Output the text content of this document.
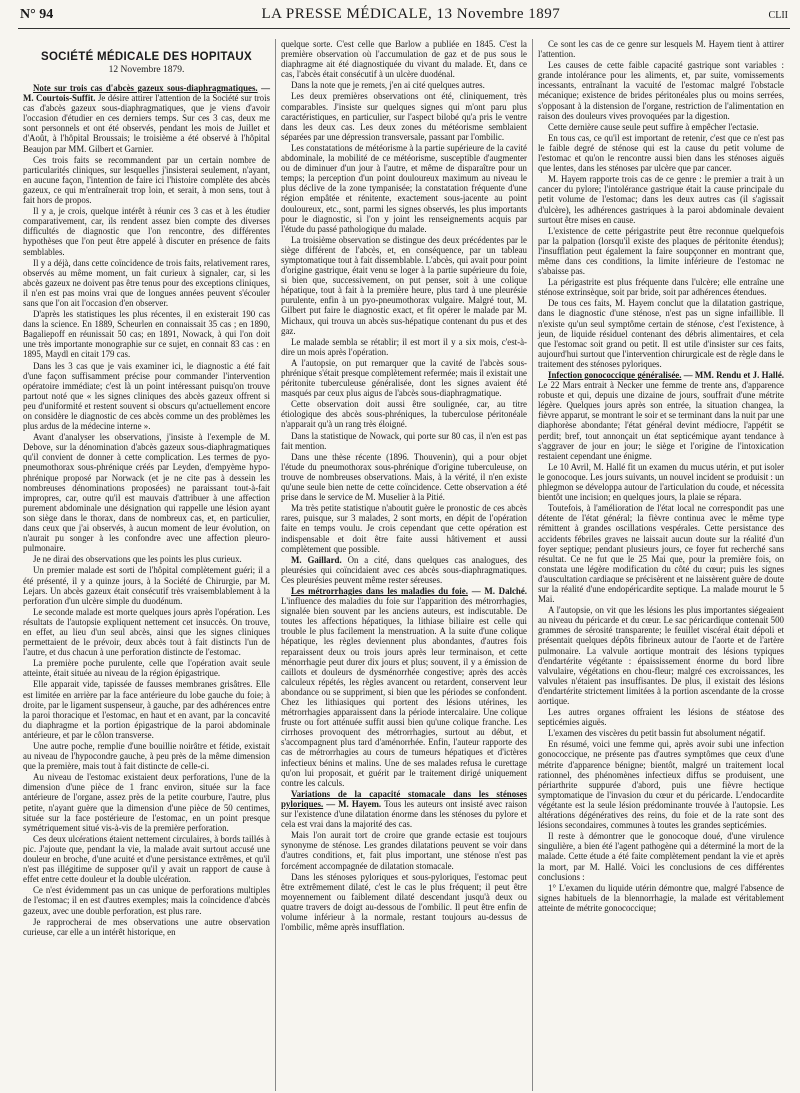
N° 94	LA PRESSE MÉDICALE, 13 Novembre 1897	CLII
SOCIÉTÉ MÉDICALE DES HOPITAUX
12 Novembre 1879.

Note sur trois cas d'abcès gazeux sous-diaphragmatiques. — M. Courtois-Suffit. Je désire attirer l'attention de la Société sur trois cas d'abcès gazeux sous-diaphragmatiques, que je viens d'avoir l'occasion d'étudier en ces derniers temps. Sur ces 3 cas, deux me sont personnels et ont été observés, pendant les mois de Juillet et d'Août, à l'hôpital Broussais; le troisième a été observé à l'hôpital Beaujon par MM. Gilbert et Garnier.

Ces trois faits se recommandent par un certain nombre de particularités cliniques, sur lesquelles j'insisterai seulement, n'ayant, en aucune façon, l'intention de faire ici l'histoire complète des abcès gazeux, ce qui m'entraînerait trop loin, et serait, à mon sens, tout à fait hors de propos.

Il y a, je crois, quelque intérêt à réunir ces 3 cas et à les étudier comparativement, car, ils rendent assez bien compte des diverses difficultés de diagnostic que l'on rencontre, des différentes hypothèses que l'on peut être appelé à discuter en présence de faits semblables.

Il y a déjà, dans cette coïncidence de trois faits, relativement rares, observés au même moment, un fait curieux à signaler, car, si les abcès gazeux ne doivent pas être tenus pour des exceptions cliniques, il n'en est pas moins vrai que de longues années peuvent s'écouler sans que l'on ait l'occasion d'en observer.

D'après les statistiques les plus récentes, il en existerait 190 cas dans la science. En 1889, Scheurlen en connaissait 35 cas ; en 1890, Bagaliepoff en réunissait 50 cas; en 1891, Nowack, à qui l'on doit une très importante monographie sur ce sujet, en connait 83 cas : en 1895, Maydl en citait 179 cas.

Dans les 3 cas que je vais examiner ici, le diagnostic a été fait d'une façon suffisamment précise pour commander l'intervention opératoire immédiate; c'est là un point intéressant puisqu'on trouve partout noté que « les signes cliniques des abcès gazeux offrent si peu d'uniformité et restent souvent si obscurs qu'actuellement encore on considère le diagnostic de ces abcès comme un des problèmes les plus ardus de la médecine interne ».

Avant d'analyser les observations, j'insiste à l'exemple de M. Debove, sur la dénomination d'abcès gazeux sous-diaphragmatiques qu'il convient de donner à cette complication. Les termes de pyo-pneumothorax sous-phrénique créés par Leyden, d'empyème hypo-phrénique proposé par Norwack (et je ne cite pas à dessein les nombreuses dénominations proposées) ne paraissant tout-à-fait impropres, car, outre qu'il est mauvais d'attribuer à une affection purement abdominale une désignation qui rappelle une lésion ayant son siège dans le thorax, dans de nombreux cas, et, en particulier, dans ceux que j'ai observés, à aucun moment de leur évolution, on n'aurait pu songer à les confondre avec une affection pleuro-pulmonaire.

Je ne dirai des observations que les points les plus curieux.

Un premier malade est sorti de l'hôpital complètement guéri; il a été présenté, il y a quinze jours, à la Société de Chirurgie, par M. Lejars. Un abcès gazeux était consécutif très vraisemblablement à la perforation d'un ulcère simple du duodénum.

Le seconde malade est morte quelques jours après l'opération. Les résultats de l'autopsie expliquent nettement cet insuccès. On trouve, en effet, au lieu d'un seul abcès, ainsi que les signes cliniques permettaient de le prévoir, deux abcès tout à fait distincts l'un de l'autre, et dus chacun à une perforation distincte de l'estomac.

La première poche purulente, celle que l'opération avait seule atteinte, était située au niveau de la région épigastrique.

Elle apparait vide, tapissée de fausses membranes grisâtres. Elle est limitée en arrière par la face antérieure du lobe gauche du foie; à droite, par le ligament suspenseur, à gauche, par des adhérences entre la paroi thoracique et l'estomac, en haut et en avant, par la concavité du diaphragme et la portion épigastrique de la paroi abdominale antérieure, et par le côlon transverse.

Une autre poche, remplie d'une bouillie noirâtre et fétide, existait au niveau de l'hypocondre gauche, à peu près de la même dimension que la première, mais tout à fait distincte de celle-ci.

Au niveau de l'estomac existaient deux perforations, l'une de la dimension d'une pièce de 1 franc environ, située sur la face antérieure de l'organe, assez près de la petite courbure, l'autre, plus petite, n'ayant guère que la dimension d'une pièce de 50 centimes, située sur la face postérieure de l'estomac, en un point presque symétriquement situé vis-à-vis de la première perforation.

Ces deux ulcérations étaient nettement circulaires, à bords taillés à pic. J'ajoute que, pendant la vie, la malade avait surtout accusé une douleur en broche, d'une acuité et d'une persistance extrêmes, et qu'il n'est pas illégitime de supposer qu'il y avait un rapport de cause à effet entre cette douleur et la double ulcération.

Ce n'est évidemment pas un cas unique de perforations multiples de l'estomac; il en est d'autres exemples; mais la coïncidence d'abcès gazeux, avec une double perforation, est plus rare.

Je rapprocherai de mes observations une autre observation curieuse, car elle a un intérêt historique, en

quelque sorte. C'est celle que Barlow a publiée en 1845. C'est la première observation où l'accumulation de gaz et de pus sous le diaphragme ait été diagnostiquée du vivant du malade. Et, dans ce cas, l'abcès était consécutif à un ulcère duodénal.

Dans la note que je remets, j'en ai cité quelques autres.

Les deux premières observations ont été, cliniquement, très comparables. J'insiste sur quelques signes qui m'ont paru plus caractéristiques, en particulier, sur l'aspect bilobé qu'a pris le ventre dans les deux cas. Les deux zones du météorisme semblaient séparées par une dépression transversale, passant par l'ombilic.

Les constatations de météorisme à la partie supérieure de la cavité abdominale, la mobilité de ce météorisme, susceptible d'augmenter ou de diminuer d'un jour à l'autre, et même de disparaître pour un temps; la perception d'un point douloureux maximum au niveau le plus déclive de la zone tympanisée; la constatation fréquente d'une région empâtée et rénitente, exactement sous-jacente au point douloureux, etc., sont, parmi les signes observés, les plus importants pour le diagnostic, si l'on y joint les renseignements acquis par l'étude du passé pathologique du malade.

La troisième observation se distingue des deux précédentes par le siège différent de l'abcès, et, en conséquence, par un tableau symptomatique tout à fait dissemblable. L'abcès, qui avait pour point d'origine gastrique, était venu se loger à la partie supérieure du foie, si bien que, successivement, on put penser, soit à une colique hépatique, tout à fait à la première heure, plus tard à une pleurésie purulente, enfin à un pyo-pneumothorax vulgaire. Malgré tout, M. Gilbert put faire le diagnostic exact, et fit opérer le malade par M. Michaux, qui trouva un abcès sus-hépatique contenant du pus et des gaz.

Le malade sembla se rétablir; il est mort il y a six mois, c'est-à-dire un mois après l'opération.

A l'autopsie, on put remarquer que la cavité de l'abcès sous-phrénique s'était presque complètement refermée; mais il existait une péritonite tuberculeuse généralisée, dont les signes avaient été masqués par ceux plus aigus de l'abcès sous-diaphragmatique.

Cette observation doit aussi être soulignée, car, au titre étiologique des abcès sous-phréniques, la tuberculose péritonéale n'apparait qu'à un rang très éloigné.

Dans la statistique de Nowack, qui porte sur 80 cas, il n'en est pas fait mention.

Dans une thèse récente (1896. Thouvenin), qui a pour objet l'étude du pneumothorax sous-phrénique d'origine tuberculeuse, on trouve de nombreuses observations. Mais, à la vérité, il n'en existe qu'une seule bien nette de cette coïncidence. Cette observation a été prise dans le service de M. Muselier à la Pitié.

Ma très petite statistique n'aboutit guère le pronostic de ces abcès rares, puisque, sur 3 malades, 2 sont morts, en dépit de l'opération faite en temps voulu. Je crois cependant que cette opération est indispensable et doit être faite aussi hâtivement et aussi complètement que possible.

M. Gaillard. On a cité, dans quelques cas analogues, des pleurésies qui coïncidaient avec ces abcès sous-diaphragmatiques. Ces pleurésies peuvent même rester séreuses.

Les métrorrhagies dans les maladies du foie. — M. Dalché. L'influence des maladies du foie sur l'apparition des métrorrhagies, signalée bien souvent par les anciens auteurs, est indiscutable. De toutes les affections hépatiques, la lithiase biliaire est celle qui trouble le plus facilement la menstruation. A la suite d'une colique hépatique, les règles deviennent plus abondantes, d'autres fois reparaissent deux ou trois jours après leur terminaison, et cette ménorrhagie peut durer dix jours et plus; souvent, il y a émission de caillots et douleurs de dysménorrhée congestive; après des accès calculeux répétés, les règles avancent ou retardent, conservent leur abondance ou se suppriment, si bien que les périodes se confondent. Chez les lithiasiques qui portent des lésions utérines, les métrorrhagies apparaissent dans la période intercalaire. Une colique fruste ou fort atténuée suffit aussi bien qu'une colique franche. Les cirrhoses provoquent des métrorrhagies, surtout au début, et s'accompagnent plus tard d'aménorrhée. Enfin, l'auteur rapporte des cas de métrorrhagies au cours de tumeurs hépatiques et d'ictères infectieux bénins et malins. Une de ses malades refusa le curettage qu'on lui proposait, et guérit par le traitement dirigé uniquement contre les calculs.

Variations de la capacité stomacale dans les sténoses pyloriques. — M. Hayem. Tous les auteurs ont insisté avec raison sur l'existence d'une dilatation énorme dans les sténoses du pylore et cela est vrai dans la majorité des cas.

Mais l'on aurait tort de croire que grande ectasie est toujours synonyme de sténose. Les grandes dilatations peuvent se voir dans d'autres conditions, et, fait plus important, une sténose n'est pas forcément accompagnée de dilatation stomacale.

Dans les sténoses pyloriques et sous-pyloriques, l'estomac peut être extrêmement dilaté, c'est le cas le plus fréquent; il peut être moyennement ou faiblement dilaté descendant jusqu'à deux ou quatre travers de doigt au-dessous de l'ombilic. Il peut être enfin de volume inférieur à la normale, restant toujours au-dessus de l'ombilic, même après insufflation.

Ce sont les cas de ce genre sur lesquels M. Hayem tient à attirer l'attention.

Les causes de cette faible capacité gastrique sont variables : grande intolérance pour les aliments, et, par suite, vomissements incessants, entraînant la vacuité de l'estomac malgré l'obstacle mécanique; existence de brides péritonéales plus ou moins serrées, s'opposant à la distension de l'organe, restriction de l'alimentation en raison des douleurs vives provoquées par la digestion.

Cette dernière cause seule peut suffire à empêcher l'ectasie.

En tous cas, ce qu'il est important de retenir, c'est que ce n'est pas le faible degré de sténose qui est la cause du petit volume de l'estomac et qu'on le rencontre aussi bien dans les sténoses aiguës que lentes, dans les sténoses par ulcère que par cancer.

M. Hayem rapporte trois cas de ce genre : le premier a trait à un cancer du pylore; l'intolérance gastrique était la cause principale du petit volume de l'estomac; dans les deux autres cas (il s'agissait d'ulcère), les adhérences gastriques à la paroi abdominale devaient surtout être mises en cause.

L'existence de cette périgastrite peut être reconnue quelquefois par la palpation (lorsqu'il existe des plaques de péritonite étendus); l'insufflation peut également la faire soupçonner en montrant que, même dans ces conditions, la limite inférieure de l'estomac ne s'abaisse pas.

La périgastrite est plus fréquente dans l'ulcère; elle entraîne une sténose extrinsèque, soit par bride, soit par adhérences étendues.

De tous ces faits, M. Hayem conclut que la dilatation gastrique, dans le diagnostic d'une sténose, n'est pas un signe infaillible. Il n'existe qu'un seul symptôme certain de sténose, c'est l'existence, à jeun, de liquide résiduel contenant des débris alimentaires, et cela que l'estomac soit grand ou petit. Il est utile d'insister sur ces faits, aujourd'hui surtout que l'intervention chirurgicale est de règle dans le traitement des sténoses pyloriques.

Infection gonococcique généralisée. — MM. Rendu et J. Hallé. Le 22 Mars entrait à Necker une femme de trente ans, d'apparence robuste et qui, depuis une dizaine de jours, souffrait d'une métrite légère. Quelques jours après son entrée, la situation changea, la fièvre apparut, se montrant le soir et se terminant dans la nuit par une diaphorèse abondante; l'état général devint médiocre, l'appétit se perdit; bref, tout annonçait un état septicémique ayant tendance à s'aggraver de jour en jour; le siège et l'origine de l'intoxication restaient cependant une énigme.

Le 10 Avril, M. Hallé fit un examen du mucus utérin, et put isoler le gonocoque. Les jours suivants, un nouvel incident se produisit : un phlegmon se développa autour de l'articulation du coude, et nécessita bientôt une incision; en quelques jours, la plaie se répara.

Toutefois, à l'amélioration de l'état local ne correspondit pas une détente de l'état général; la fièvre continua avec le même type rémittent à grandes oscillations vespérales. Cette persistance des accidents fébriles graves ne laissait aucun doute sur la réalité d'un foyer septique; pendant plusieurs jours, ce foyer fut recherché sans résultat. Ce ne fut que le 25 Mai que, pour la première fois, on constata une légère modification du côté du cœur; puis les signes d'auscultation cardiaque se précisèrent et ne laissèrent guère de doute sur la réalité d'une endopéricardite septique. La malade mourut le 5 Mai.

A l'autopsie, on vit que les lésions les plus importantes siégeaient au niveau du péricarde et du cœur. Le sac péricardique contenait 500 grammes de sérosité transparente; le feuillet viscéral était dépoli et présentait quelques dépôts fibrineux autour de l'aorte et de l'artère pulmonaire. La valvule aortique montrait des lésions typiques d'endartérite végétante : épaississement énorme du bord libre valvulaire, végétations en chou-fleur; malgré ces excroissances, les valvules n'étaient pas insuffisantes. De plus, il existait des lésions d'endartérite strictement limitées à la portion ascendante de la crosse aortique.

Les autres organes offraient les lésions de stéatose des septicémies aiguës.

L'examen des viscères du petit bassin fut absolument négatif.

En résumé, voici une femme qui, après avoir subi une infection gonococcique, ne présente pas d'autres symptômes que ceux d'une métrite d'apparence bénigne; bientôt, malgré un traitement local rationnel, des phénomènes infectieux diffus se produisent, une périarthrite suppurée d'abord, puis une fièvre hectique symptomatique de l'invasion du cœur et du péricarde. L'endocardite végétante est la seule lésion prédominante trouvée à l'autopsie. Les altérations dégénératives des reins, du foie et de la rate sont des lésions secondaires, communes à toutes les grandes septicémies.

Il reste à démontrer que le gonocoque doué, d'une virulence singulière, a bien été l'agent pathogène qui a déterminé la mort de la malade. Cette étude a été faite complètement pendant la vie et après la mort, par M. Hallé. Voici les conclusions de ces différentes conclusions :

1° L'examen du liquide utérin démontre que, malgré l'absence de signes habituels de la blennorrhagie, la malade est véritablement atteinte de métrite gonococcique;
